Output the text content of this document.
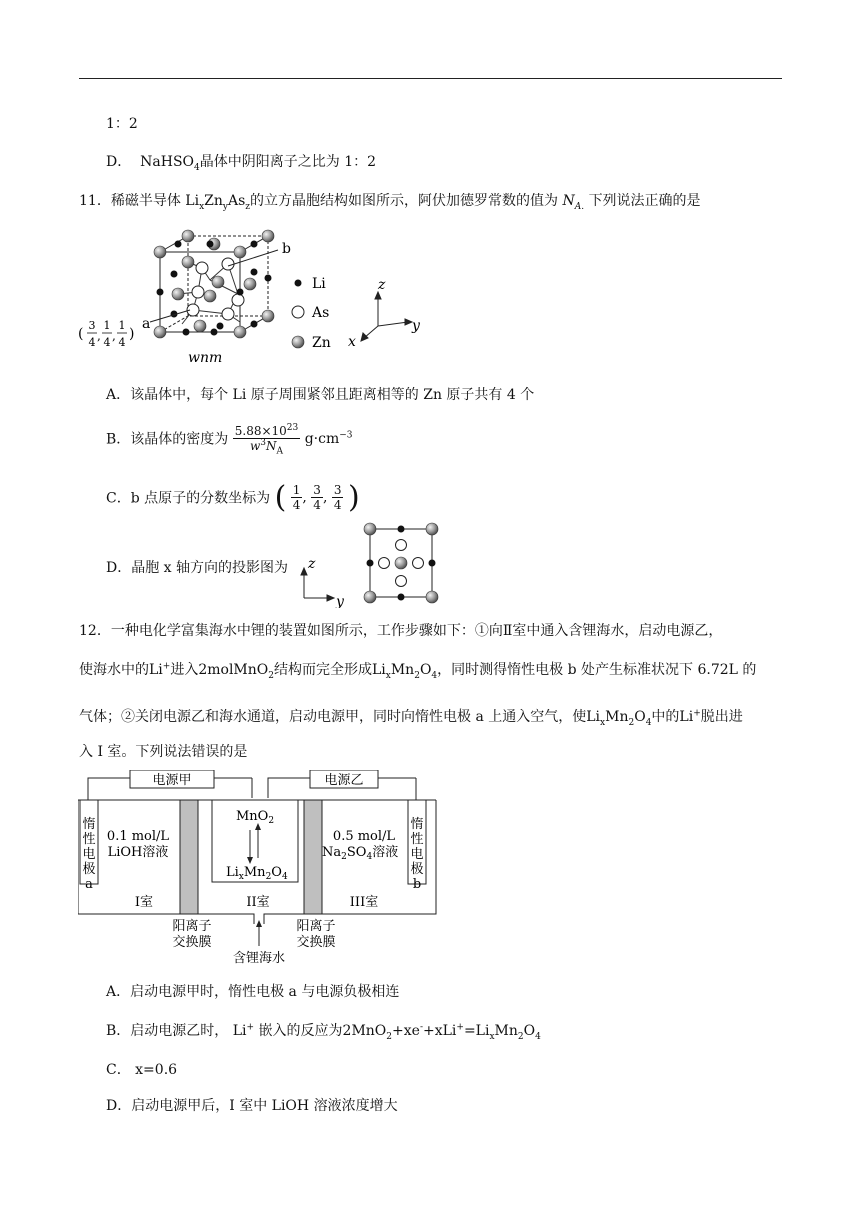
1：2
D． NaHSO$_4$晶体中阴阳离子之比为 1：2
11．稀磁半导体 $Li_xZn_yAs_z$的立方晶胞结构如图所示，阿伏加德罗常数的值为 $N_{A.}$ 下列说法正确的是
b
a
(
3
4
1
4
1
4
, , )
wnm
Li
As
Zn
z
y
x
A．该晶体中，每个 Li 原子周围紧邻且距离相等的 Zn 原子共有 4 个
B．该晶体的密度为 $\frac{5.88\times 10^{23}}{w^3N_A} g\cdot cm^{-3}$
C．b 点原子的分数坐标为 ( $\frac{1}{4}$ , $\frac{3}{4}$ , $\frac{3}{4}$ )
D．晶胞 x 轴方向的投影图为 z
y
12．一种电化学富集海水中锂的装置如图所示，工作步骤如下：①向Ⅱ室中通入含锂海水，启动电源乙，
使海水中的Li+进入2molMnO$_2$结构而完全形成$Li_xMn_2O_4$，同时测得惰性电极 b 处产生标准状况下 6.72L 的
气体；②关闭电源乙和海水通道，启动电源甲，同时向惰性电极 a 上通入空气，使$Li_xMn_2O_4$中的Li+脱出进
入 I 室。下列说法错误的是
电源甲	电源乙
惰
性
电
极
a
惰
性
电
极
b
0.1 mol/L
LiOH溶液
0.5 mol/L
$Na_2SO_4$溶液
MnO$_2$
$Li_xMn_2O_4$
I室	II室	III室
阳离子
交换膜
阳离子
交换膜
含锂海水
A．启动电源甲时，惰性电极 a 与电源负极相连
B．启动电源乙时， Li+ 嵌入的反应为$2MnO_2+xe^-+xLi^+=Li_xMn_2O_4$
C． x=0.6
D．启动电源甲后，I 室中 LiOH 溶液浓度增大
